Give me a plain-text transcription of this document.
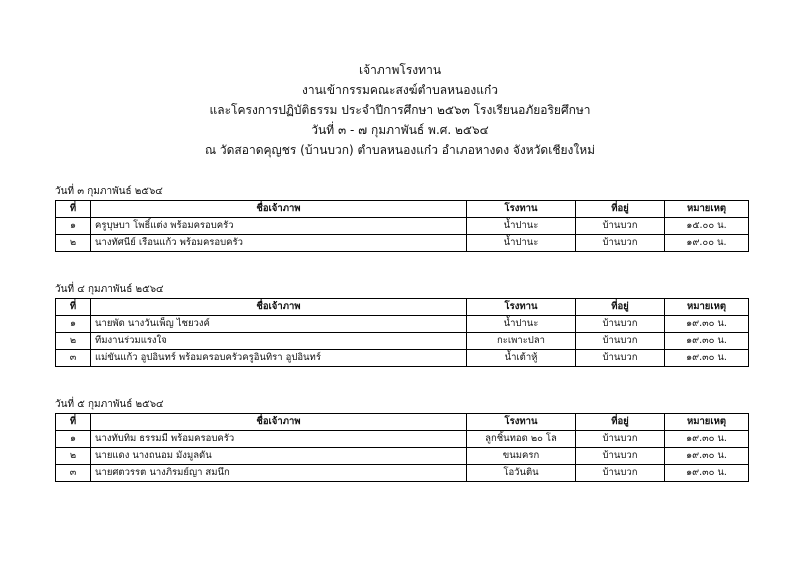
เจ้าภาพโรงทาน
งานเข้ากรรมคณะสงฆ์ตำบลหนองแก๋ว
และโครงการปฏิบัติธรรม ประจำปีการศึกษา ๒๕๖๓ โรงเรียนอภัยอริยศึกษา
วันที่ ๓ - ๗ กุมภาพันธ์ พ.ศ. ๒๕๖๔
ณ วัดสอาดคุญชร (บ้านบวก) ตำบลหนองแก๋ว อำเภอหางดง จังหวัดเชียงใหม่
วันที่ ๓ กุมภาพันธ์ ๒๕๖๔
ที่	ชื่อเจ้าภาพ	โรงทาน	ที่อยู่	หมายเหตุ
๑	ครูบุษบา โพธิ์แต่ง พร้อมครอบครัว	น้ำปานะ	บ้านบวก	๑๕.๐๐ น.
๒	นางทัศนีย์ เรือนแก้ว พร้อมครอบครัว	น้ำปานะ	บ้านบวก	๑๙.๐๐ น.
วันที่ ๔ กุมภาพันธ์ ๒๕๖๔
ที่	ชื่อเจ้าภาพ	โรงทาน	ที่อยู่	หมายเหตุ
๑	นายพัด นางวันเพ็ญ ไชยวงค์	น้ำปานะ	บ้านบวก	๑๙.๓๐ น.
๒	ทีมงานร่วมแรงใจ	กะเพาะปลา	บ้านบวก	๑๙.๓๐ น.
๓	แม่ขันแก้ว อูปอินทร์ พร้อมครอบครัวครูอินทิรา อูปอินทร์	น้ำเต้าหู้	บ้านบวก	๑๙.๓๐ น.
วันที่ ๕ กุมภาพันธ์ ๒๕๖๔
ที่	ชื่อเจ้าภาพ	โรงทาน	ที่อยู่	หมายเหตุ
๑	นางทับทิม ธรรมมี พร้อมครอบครัว	ลูกชิ้นทอด ๒๐ โล	บ้านบวก	๑๙.๓๐ น.
๒	นายแดง นางถนอม มังมูลดัน	ขนมครก	บ้านบวก	๑๙.๓๐ น.
๓	นายศตวรรต นางภิรมย์ญา สมนึก	โอวันติน	บ้านบวก	๑๙.๓๐ น.
